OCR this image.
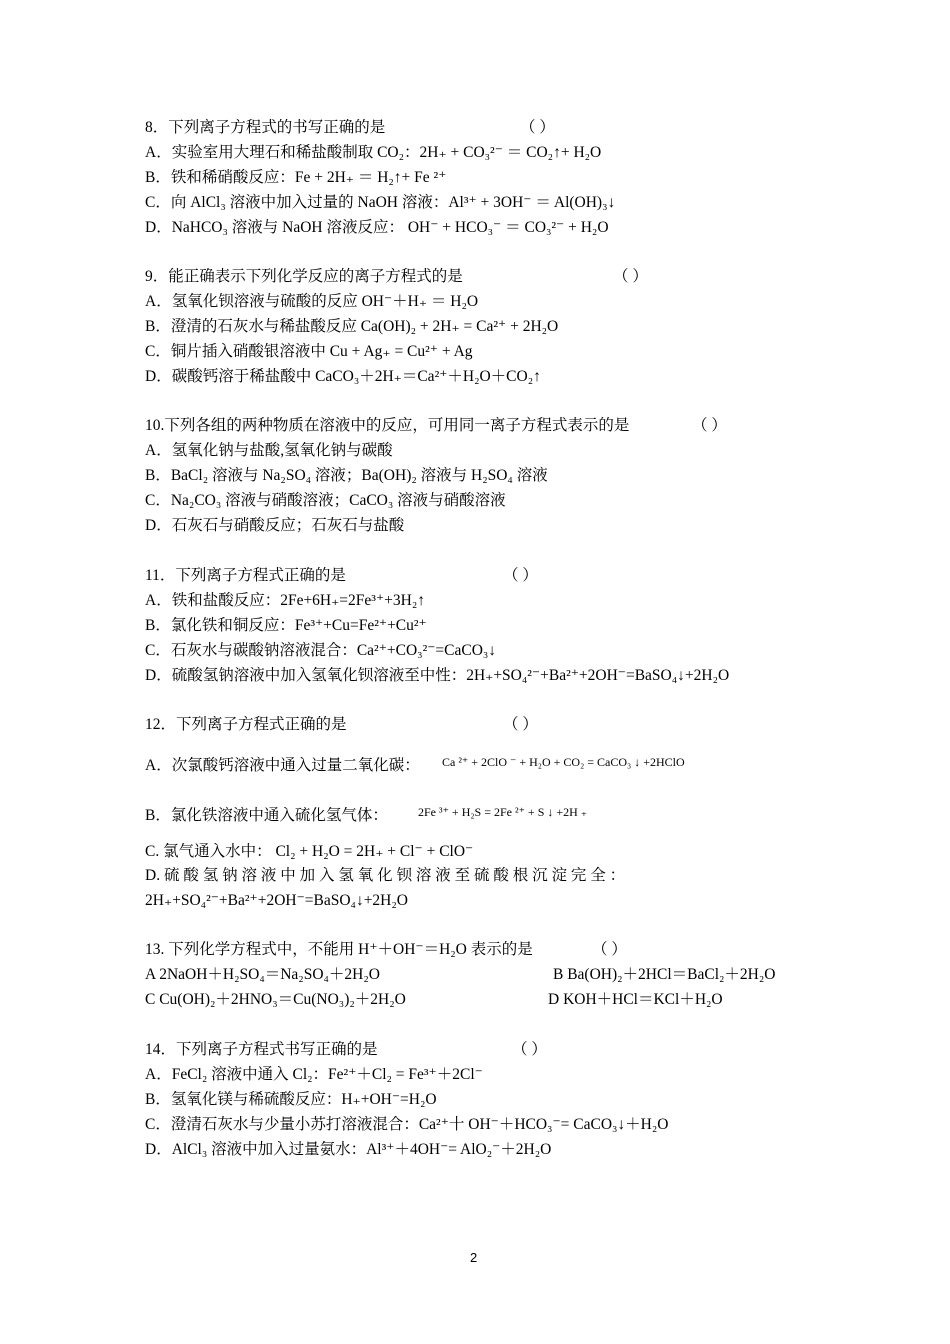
8．下列离子方程式的书写正确的是	（ ）
A．实验室用大理石和稀盐酸制取 CO₂：2H₊ + CO₃²⁻ ＝ CO₂↑+ H₂O
B．铁和稀硝酸反应：Fe + 2H₊ ＝ H₂↑+ Fe ²⁺
C．向 AlCl₃ 溶液中加入过量的 NaOH 溶液：Al³⁺ + 3OH⁻ ＝ Al(OH)₃↓
D．NaHCO₃ 溶液与 NaOH 溶液反应： OH⁻ + HCO₃⁻ ＝ CO₃²⁻ + H₂O
9．能正确表示下列化学反应的离子方程式的是	（ ）
A．氢氧化钡溶液与硫酸的反应 OH⁻＋H₊ ＝ H₂O
B．澄清的石灰水与稀盐酸反应 Ca(OH)₂ + 2H₊ = Ca²⁺ + 2H₂O
C．铜片插入硝酸银溶液中 Cu + Ag₊ = Cu²⁺ + Ag
D．碳酸钙溶于稀盐酸中 CaCO₃＋2H₊＝Ca²⁺＋H₂O＋CO₂↑
10.下列各组的两种物质在溶液中的反应，可用同一离子方程式表示的是	（ ）
A．氢氧化钠与盐酸,氢氧化钠与碳酸
B．BaCl₂ 溶液与 Na₂SO₄ 溶液；Ba(OH)₂ 溶液与 H₂SO₄ 溶液
C．Na₂CO₃ 溶液与硝酸溶液；CaCO₃ 溶液与硝酸溶液
D．石灰石与硝酸反应；石灰石与盐酸
11．下列离子方程式正确的是	（ ）
A．铁和盐酸反应：2Fe+6H₊=2Fe³⁺+3H₂↑
B．氯化铁和铜反应：Fe³⁺+Cu=Fe²⁺+Cu²⁺
C．石灰水与碳酸钠溶液混合：Ca²⁺+CO₃²⁻=CaCO₃↓
D．硫酸氢钠溶液中加入氢氧化钡溶液至中性：2H₊+SO₄²⁻+Ba²⁺+2OH⁻=BaSO₄↓+2H₂O
12．下列离子方程式正确的是	（ ）
A．次氯酸钙溶液中通入过量二氧化碳： Ca ²⁺ + 2ClO ⁻ + H₂O + CO₂ = CaCO₃ ↓ +2HClO
B．氯化铁溶液中通入硫化氢气体：	2Fe ³⁺ + H₂S = 2Fe ²⁺ + S ↓ +2H ₊
C. 氯气通入水中： Cl₂ + H₂O = 2H₊ + Cl⁻ + ClO⁻
D. 硫 酸 氢 钠 溶 液 中 加 入 氢 氧 化 钡 溶 液 至 硫 酸 根 沉 淀 完 全 ：
2H₊+SO₄²⁻+Ba²⁺+2OH⁻=BaSO₄↓+2H₂O
13. 下列化学方程式中，不能用 H⁺＋OH⁻＝H₂O 表示的是	（ ）
A 2NaOH＋H₂SO₄＝Na₂SO₄＋2H₂O	B Ba(OH)₂＋2HCl＝BaCl₂＋2H₂O
C Cu(OH)₂＋2HNO₃＝Cu(NO₃)₂＋2H₂O	D KOH＋HCl＝KCl＋H₂O
14．下列离子方程式书写正确的是	（ ）
A．FeCl₂ 溶液中通入 Cl₂：Fe²⁺＋Cl₂ = Fe³⁺＋2Cl⁻
B．氢氧化镁与稀硫酸反应：H₊+OH⁻=H₂O
C．澄清石灰水与少量小苏打溶液混合：Ca²⁺十 OH⁻＋HCO₃⁻= CaCO₃↓＋H₂O
D．AlCl₃ 溶液中加入过量氨水：Al³⁺＋4OH⁻= AlO₂⁻＋2H₂O
2
